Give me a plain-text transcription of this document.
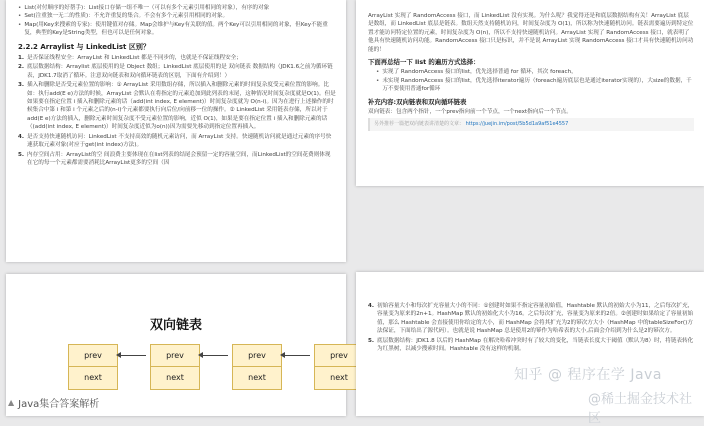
• List(对付顺序的好帮手)：List接口存储一组不唯一（可以有多个元素引用相同的对象），有序的对象
• Set(注重独一无二的性质)：不允许重复的集合。不会有多个元素引用相同的对象。
• Map(用Key来搜索的专家)：使用键值对存储。Map会维护与Key有关联的值。两个Key可以引用相同的对象，但Key不能重复，典型的Key是String类型，但也可以是任何对象。
2.2.2 Arraylist 与 LinkedList 区别？
1. 是否保证线程安全：ArrayList 和 LinkedList 都是不同步的，也就是不保证线程安全；
2. 底层数据结构：Arraylist 底层使用的是 Object 数组；LinkedList 底层使用的是 双向链表 数据结构（JDK1.6之前为循环链表，JDK1.7取消了循环。注意双向链表和双向循环链表的区别，下面有介绍到！）
3. 插入和删除是否受元素位置的影响：① ArrayList 采用数组存储，所以插入和删除元素的时间复杂度受元素位置的影响。比如：执行add(E e)方法的时候，ArrayList 会默认在将指定的元素追加到此列表的末尾，这种情况时间复杂度就是O(1)。但是如果要在指定位置 i 插入和删除元素的话（add(int index, E element)）时间复杂度就为 O(n-i)。因为在进行上述操作的时候集合中第 i 和第 i 个元素之后的(n-i)个元素都要执行向后位/向前移一位的操作。② LinkedList 采用链表存储，所以对于add(E e)方法的插入，删除元素时间复杂度不受元素位置的影响，近似 O(1)，如果是要在指定位置 i 插入和删除元素的话（(add(int index, E element)）时间复杂度近似为o(n))因为需要先移动到指定位置再插入。
4. 是否支持快速随机访问：LinkedList 不支持高效的随机元素访问，而 ArrayList 支持。快速随机访问就是通过元素的序号快速获取元素对象(对应于get(int index)方法)。
5. 内存空间占用：ArrayList的空 间浪费主要体现在在list列表的结尾会预留一定的容量空间，而LinkedList的空间花费则体现在它的每一个元素都需要消耗比ArrayList更多的空间（因
ArrayList 实现了 RandomAccess 接口，而 LinkedList 没有实现。为什么呢？我觉得还是和底层数据结构有关！ArrayList 底层是数组，而 LinkedList 底层是链表。数组天然支持随机访问，时间复杂度为 O(1)，所以称为快速随机访问。链表需要遍历到特定位置才能访问特定位置的元素，时间复杂度为 O(n)，所以不支持快速随机访问。ArrayList 实现了 RandomAccess 接口，就表明了他具有快速随机访问功能。RandomAccess 接口只是标识，并不是说 ArrayList 实现 RandomAccess 接口才具有快速随机访问功能的！
下面再总结一下 list 的遍历方式选择：
• 实现了 RandomAccess 接口的list，优先选择普通 for 循环，其次 foreach，
• 未实现 RandomAccess 接口的list，优先选择iterator遍历（foreach遍历底层也是通过iterator实现的），大size的数据，千万不要使用普通for循环
补充内容:双向链表和双向循环链表
双向链表：包含两个指针，一个prev指向前一个节点，一个next指向后一个节点。
另外推荐一篇把双向链表讲清楚的文章： https://juejin.im/post/5b5d1a9af51e4557
双向链表
prev
next
prev
next
prev
next
prev
next
4. 初始容量大小和每次扩充容量大小的不同：①创建时如果不指定容量初始值，Hashtable 默认的初始大小为11，之后每次扩充，容量变为原来的2n+1。HashMap 默认的初始化大小为16。之后每次扩充，容量变为原来的2倍。②创建时如果给定了容量初始值，那么 Hashtable 会直接使用你给定的大小，而 HashMap 会将其扩充为2的幂次方大小（HashMap 中的tableSizeFor()方法保证，下面给出了源代码）。也就是说 HashMap 总是使用2的幂作为哈希表的大小,后面会介绍到为什么是2的幂次方。
5. 底层数据结构：JDK1.8 以后的 HashMap 在解决哈希冲突时有了较大的变化，当链表长度大于阈值（默认为8）时，将链表转化为红黑树，以减少搜索时间。Hashtable 没有这样的机制。
▲ Java集合答案解析
知乎 @ 程序在学 Java
@稀土掘金技术社区
